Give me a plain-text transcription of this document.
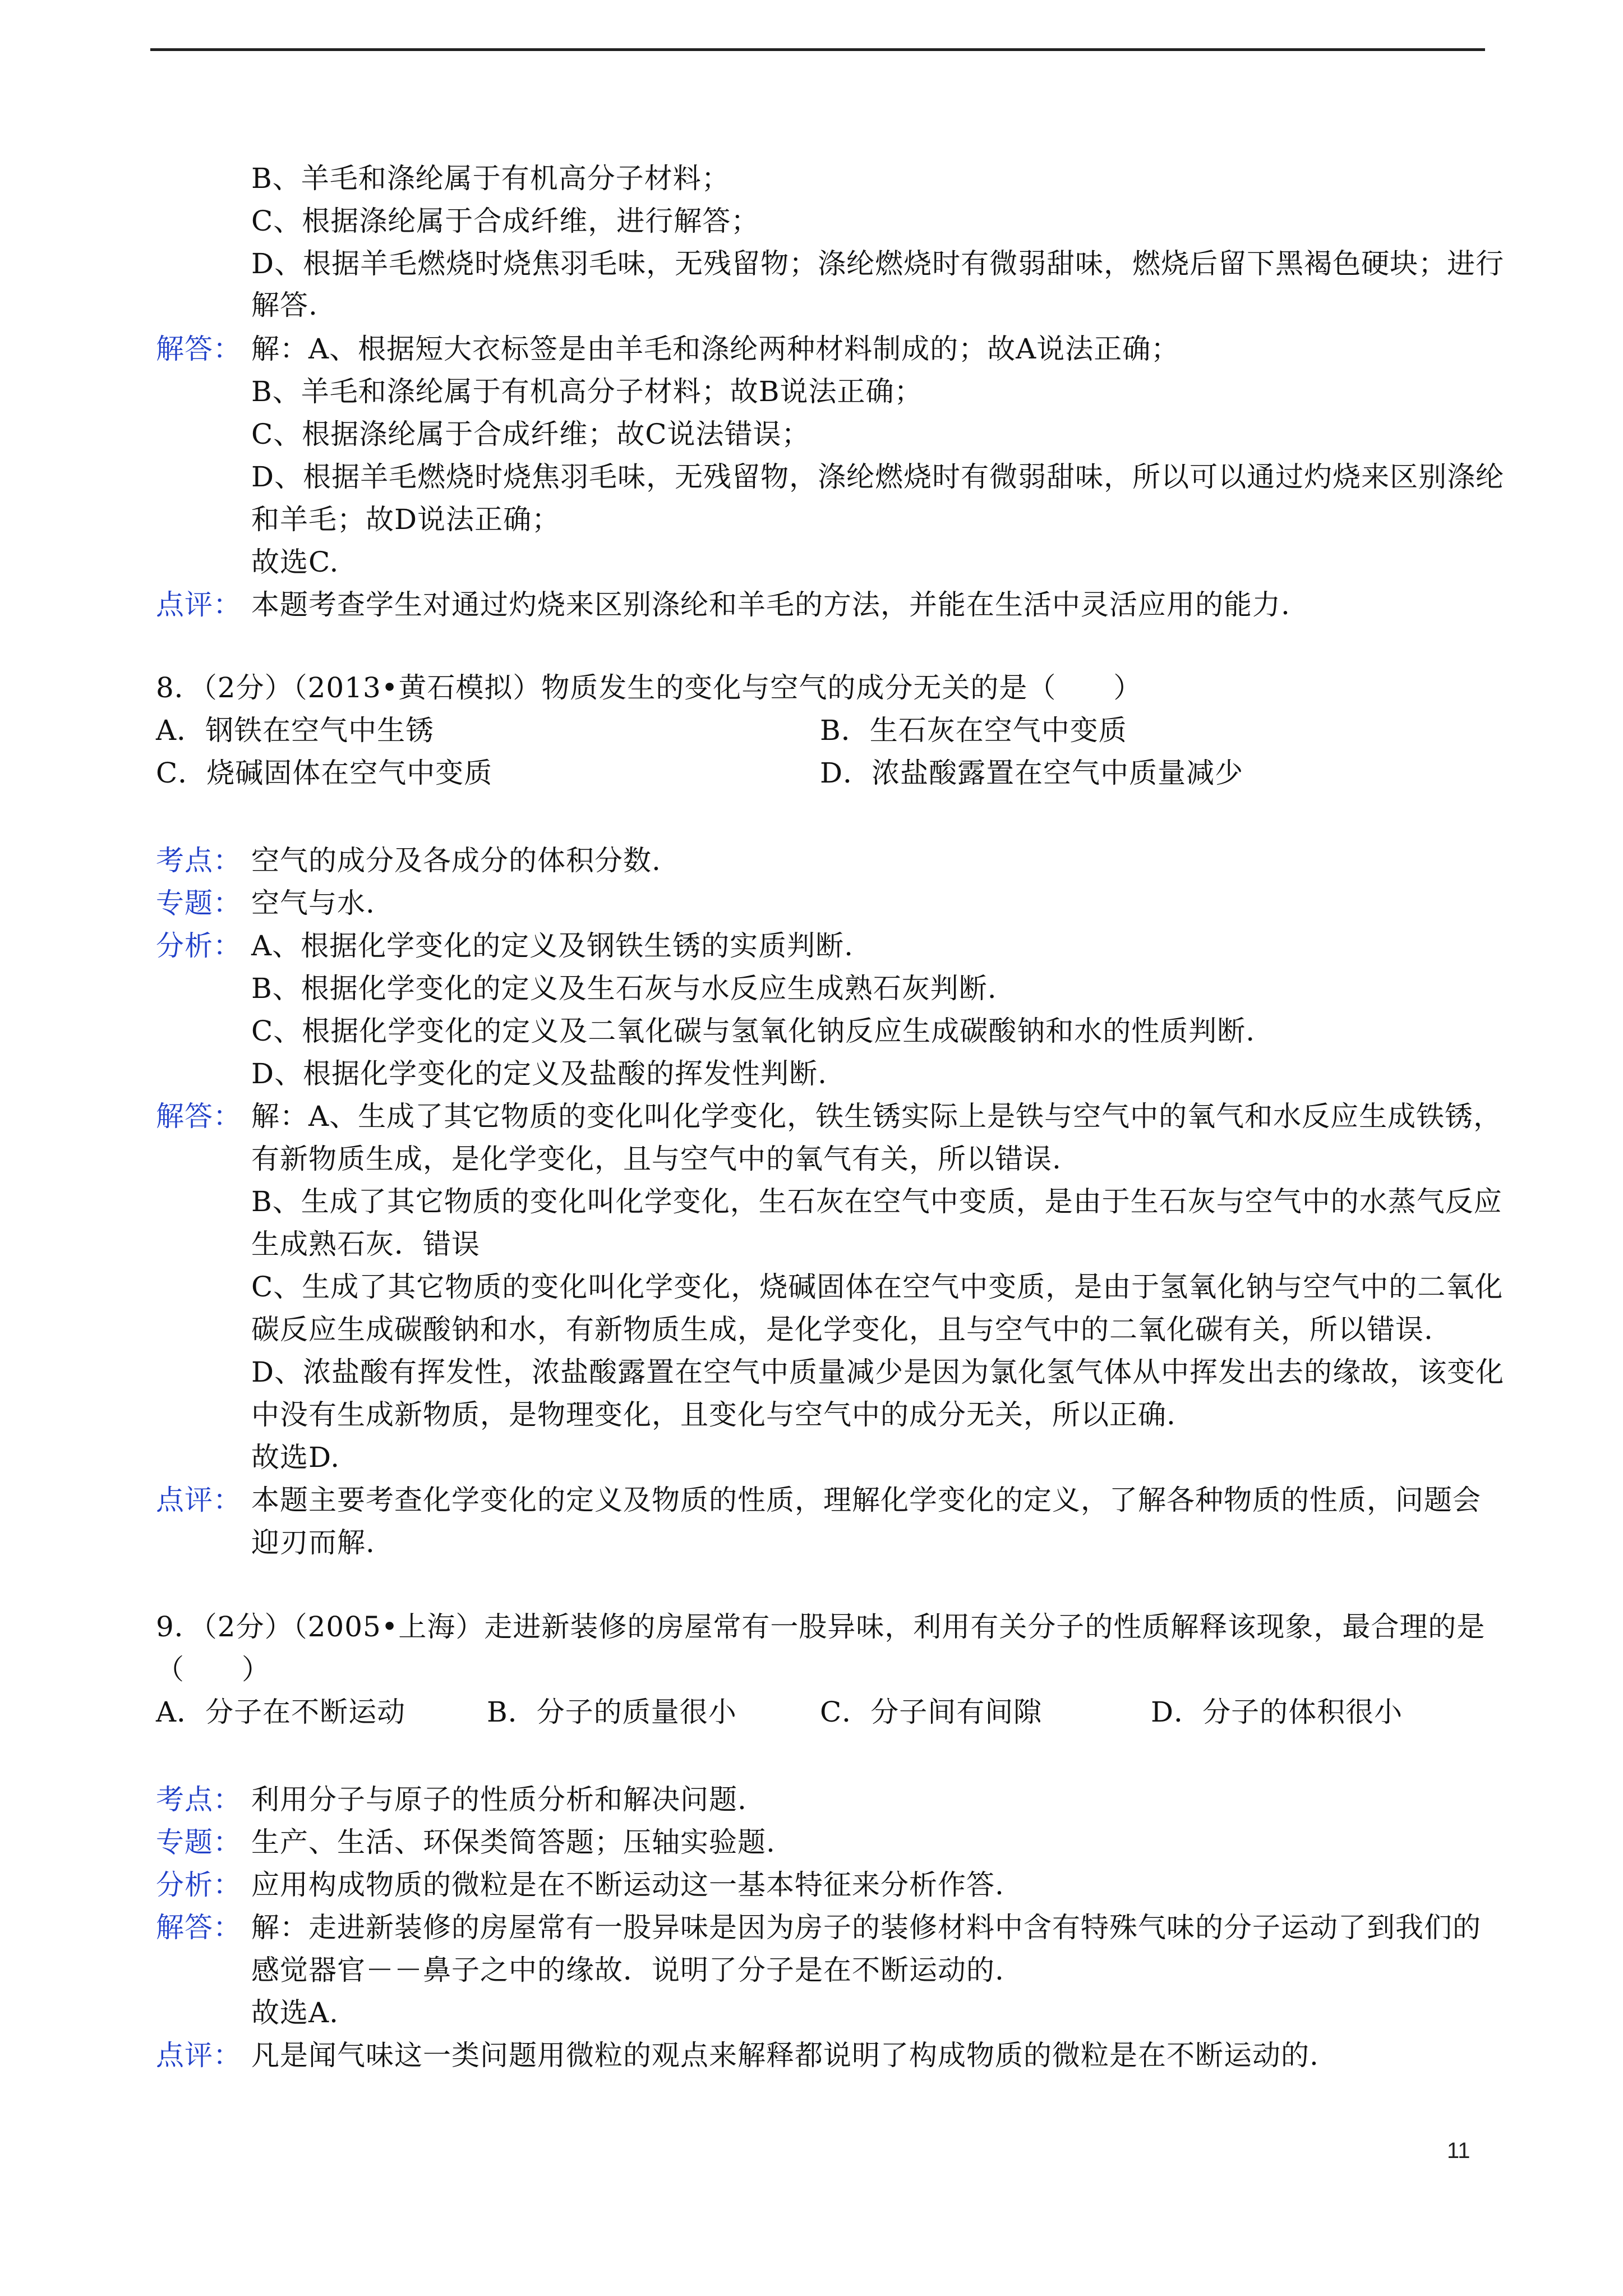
B、羊毛和涤纶属于有机高分子材料；
C、根据涤纶属于合成纤维，进行解答；
D、根据羊毛燃烧时烧焦羽毛味，无残留物；涤纶燃烧时有微弱甜味，燃烧后留下黑褐色硬块；进行
解答.
解答： 解：A、根据短大衣标签是由羊毛和涤纶两种材料制成的；故A说法正确；
B、羊毛和涤纶属于有机高分子材料；故B说法正确；
C、根据涤纶属于合成纤维；故C说法错误；
D、根据羊毛燃烧时烧焦羽毛味，无残留物，涤纶燃烧时有微弱甜味，所以可以通过灼烧来区别涤纶
和羊毛；故D说法正确；
故选C.
点评： 本题考查学生对通过灼烧来区别涤纶和羊毛的方法，并能在生活中灵活应用的能力.
8．（2分）（2013•黄石模拟）物质发生的变化与空气的成分无关的是（　　）
A．钢铁在空气中生锈	B．生石灰在空气中变质
C．烧碱固体在空气中变质	D．浓盐酸露置在空气中质量减少
考点： 空气的成分及各成分的体积分数.
专题： 空气与水.
分析： A、根据化学变化的定义及钢铁生锈的实质判断.
B、根据化学变化的定义及生石灰与水反应生成熟石灰判断.
C、根据化学变化的定义及二氧化碳与氢氧化钠反应生成碳酸钠和水的性质判断.
D、根据化学变化的定义及盐酸的挥发性判断.
解答： 解：A、生成了其它物质的变化叫化学变化，铁生锈实际上是铁与空气中的氧气和水反应生成铁锈，
有新物质生成，是化学变化，且与空气中的氧气有关，所以错误.
B、生成了其它物质的变化叫化学变化，生石灰在空气中变质，是由于生石灰与空气中的水蒸气反应
生成熟石灰．错误
C、生成了其它物质的变化叫化学变化，烧碱固体在空气中变质，是由于氢氧化钠与空气中的二氧化
碳反应生成碳酸钠和水，有新物质生成，是化学变化，且与空气中的二氧化碳有关，所以错误.
D、浓盐酸有挥发性，浓盐酸露置在空气中质量减少是因为氯化氢气体从中挥发出去的缘故，该变化
中没有生成新物质，是物理变化，且变化与空气中的成分无关，所以正确.
故选D.
点评： 本题主要考查化学变化的定义及物质的性质，理解化学变化的定义，了解各种物质的性质，问题会
迎刃而解.
9．（2分）（2005•上海）走进新装修的房屋常有一股异味，利用有关分子的性质解释该现象，最合理的是
（　　）
A．分子在不断运动	B．分子的质量很小	C．分子间有间隙	D．分子的体积很小
考点： 利用分子与原子的性质分析和解决问题.
专题： 生产、生活、环保类简答题；压轴实验题.
分析： 应用构成物质的微粒是在不断运动这一基本特征来分析作答.
解答： 解：走进新装修的房屋常有一股异味是因为房子的装修材料中含有特殊气味的分子运动了到我们的
感觉器官－－鼻子之中的缘故．说明了分子是在不断运动的.
故选A.
点评： 凡是闻气味这一类问题用微粒的观点来解释都说明了构成物质的微粒是在不断运动的.
11
